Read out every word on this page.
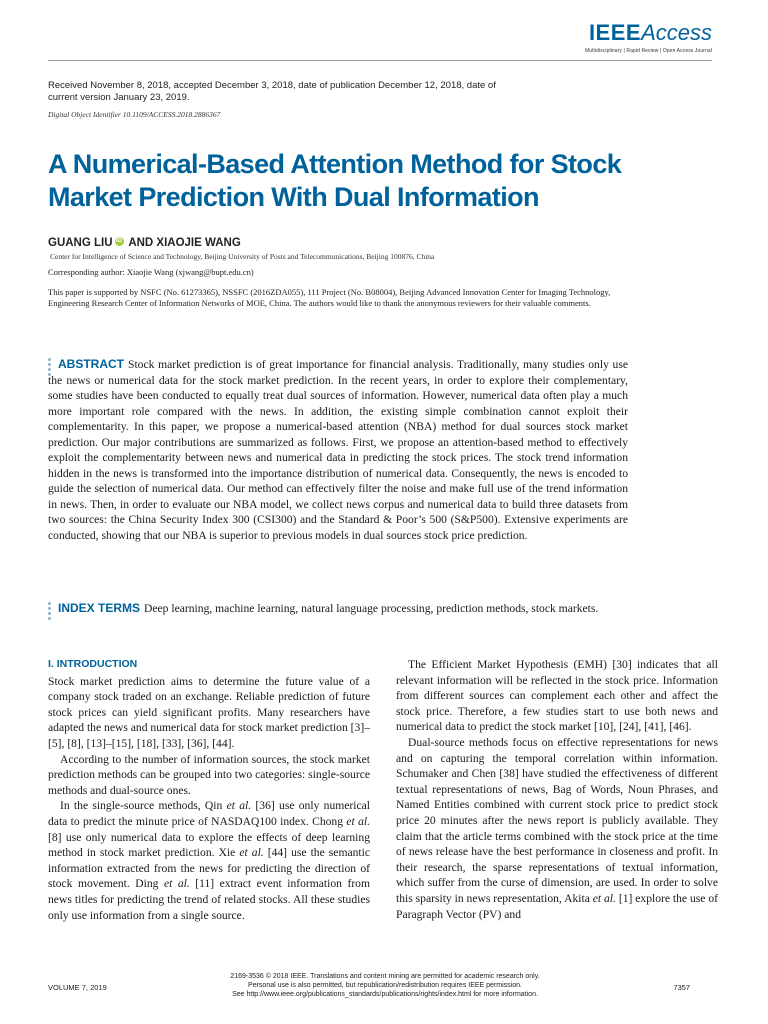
IEEEAccess
Multidisciplinary | Rapid Review | Open Access Journal
Received November 8, 2018, accepted December 3, 2018, date of publication December 12, 2018, date of current version January 23, 2019.
Digital Object Identifier 10.1109/ACCESS.2018.2886367
A Numerical-Based Attention Method for Stock Market Prediction With Dual Information
GUANG LIU iD AND XIAOJIE WANG
Center for Intelligence of Science and Technology, Beijing University of Posts and Telecommunications, Beijing 100876, China
Corresponding author: Xiaojie Wang (xjwang@bupt.edu.cn)
This paper is supported by NSFC (No. 61273365), NSSFC (2016ZDA055), 111 Project (No. B08004), Beijing Advanced Innovation Center for Imaging Technology, Engineering Research Center of Information Networks of MOE, China. The authors would like to thank the anonymous reviewers for their valuable comments.
ABSTRACT Stock market prediction is of great importance for financial analysis. Traditionally, many studies only use the news or numerical data for the stock market prediction. In the recent years, in order to explore their complementary, some studies have been conducted to equally treat dual sources of information. However, numerical data often play a much more important role compared with the news. In addition, the existing simple combination cannot exploit their complementarity. In this paper, we propose a numerical-based attention (NBA) method for dual sources stock market prediction. Our major contributions are summarized as follows. First, we propose an attention-based method to effectively exploit the complementarity between news and numerical data in predicting the stock prices. The stock trend information hidden in the news is transformed into the importance distribution of numerical data. Consequently, the news is encoded to guide the selection of numerical data. Our method can effectively filter the noise and make full use of the trend information in news. Then, in order to evaluate our NBA model, we collect news corpus and numerical data to build three datasets from two sources: the China Security Index 300 (CSI300) and the Standard & Poor’s 500 (S&P500). Extensive experiments are conducted, showing that our NBA is superior to previous models in dual sources stock price prediction.
INDEX TERMS Deep learning, machine learning, natural language processing, prediction methods, stock markets.
I. INTRODUCTION

Stock market prediction aims to determine the future value of a company stock traded on an exchange. Reliable prediction of future stock prices can yield significant profits. Many researchers have adapted the news and numerical data for stock market prediction [3]–[5], [8], [13]–[15], [18], [33], [36], [44].

According to the number of information sources, the stock market prediction methods can be grouped into two categories: single-source methods and dual-source ones.

In the single-source methods, Qin et al. [36] use only numerical data to predict the minute price of NASDAQ100 index. Chong et al. [8] use only numerical data to explore the effects of deep learning method in stock market prediction. Xie et al. [44] use the semantic information extracted from the news for predicting the direction of stock movement. Ding et al. [11] extract event information from news titles for predicting the trend of related stocks. All these studies only use information from a single source.

The Efficient Market Hypothesis (EMH) [30] indicates that all relevant information will be reflected in the stock price. Information from different sources can complement each other and affect the stock price. Therefore, a few studies start to use both news and numerical data to predict the stock market [10], [24], [41], [46].

Dual-source methods focus on effective representations for news and on capturing the temporal correlation within information. Schumaker and Chen [38] have studied the effectiveness of different textual representations of news, Bag of Words, Noun Phrases, and Named Entities combined with current stock price to predict stock price 20 minutes after the news report is publicly available. They claim that the article terms combined with the stock price at the time of news release have the best performance in closeness and profit. In their research, the sparse representations of textual information, which suffer from the curse of dimension, are used. In order to solve this sparsity in news representation, Akita et al. [1] explore the use of Paragraph Vector (PV) and

VOLUME 7, 2019
2169-3536 © 2018 IEEE. Translations and content mining are permitted for academic research only.
Personal use is also permitted, but republication/redistribution requires IEEE permission.
See http://www.ieee.org/publications_standards/publications/rights/index.html for more information.
7357
